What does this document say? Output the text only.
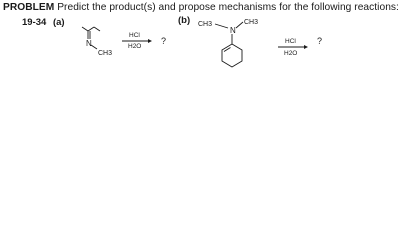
PROBLEM Predict the product(s) and propose mechanisms for the following reactions:
19-34 (a)	(b)
N
CH3
HCl
H2O
?
CH3	CH3
N
HCl
H2O
?
